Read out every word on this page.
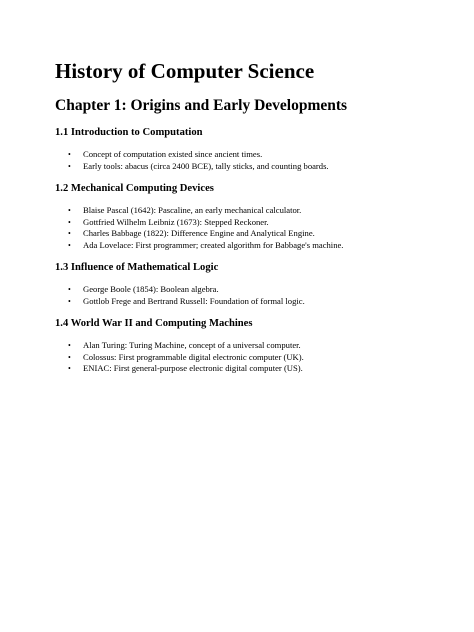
History of Computer Science
Chapter 1: Origins and Early Developments
1.1 Introduction to Computation
• Concept of computation existed since ancient times.
• Early tools: abacus (circa 2400 BCE), tally sticks, and counting boards.
1.2 Mechanical Computing Devices
• Blaise Pascal (1642): Pascaline, an early mechanical calculator.
• Gottfried Wilhelm Leibniz (1673): Stepped Reckoner.
• Charles Babbage (1822): Difference Engine and Analytical Engine.
• Ada Lovelace: First programmer; created algorithm for Babbage's machine.
1.3 Influence of Mathematical Logic
• George Boole (1854): Boolean algebra.
• Gottlob Frege and Bertrand Russell: Foundation of formal logic.
1.4 World War II and Computing Machines
• Alan Turing: Turing Machine, concept of a universal computer.
• Colossus: First programmable digital electronic computer (UK).
• ENIAC: First general-purpose electronic digital computer (US).
